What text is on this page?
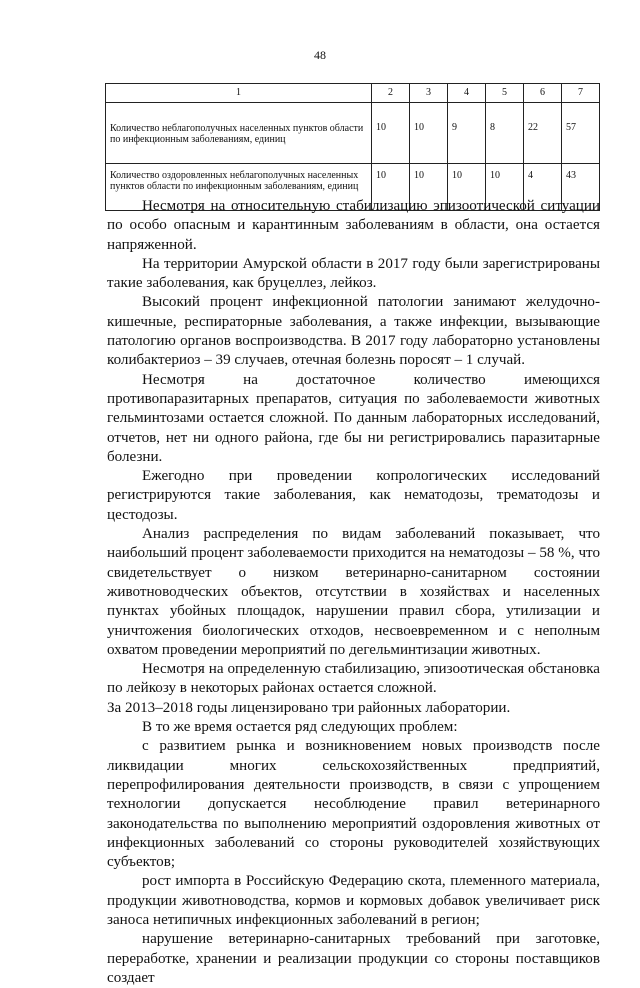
48
1	2	3	4	5	6	7
Количество неблагополучных населенных пунктов области по инфекционным заболеваниям, единиц	10	10	9	8	22	57
Количество оздоровленных неблагополучных населенных пунктов области по инфекционным заболеваниям, единиц	10	10	10	10	4	43

Несмотря на относительную стабилизацию эпизоотической ситуации по особо опасным и карантинным заболеваниям в области, она остается напряженной.

На территории Амурской области в 2017 году были зарегистрированы такие заболевания, как бруцеллез, лейкоз.

Высокий процент инфекционной патологии занимают желудочно-кишечные, респираторные заболевания, а также инфекции, вызывающие патологию органов воспроизводства. В 2017 году лабораторно установлены колибактериоз – 39 случаев, отечная болезнь поросят – 1 случай.

Несмотря на достаточное количество имеющихся противопаразитарных препаратов, ситуация по заболеваемости животных гельминтозами остается сложной. По данным лабораторных исследований, отчетов, нет ни одного района, где бы ни регистрировались паразитарные болезни.

Ежегодно при проведении копрологических исследований регистрируются такие заболевания, как нематодозы, трематодозы и цестодозы.

Анализ распределения по видам заболеваний показывает, что наибольший процент заболеваемости приходится на нематодозы – 58 %, что свидетельствует о низком ветеринарно-санитарном состоянии животноводческих объектов, отсутствии в хозяйствах и населенных пунктах убойных площадок, нарушении правил сбора, утилизации и уничтожения биологических отходов, несвоевременном и с неполным охватом проведении мероприятий по дегельминтизации животных.

Несмотря на определенную стабилизацию, эпизоотическая обстановка по лейкозу в некоторых районах остается сложной.

За 2013–2018 годы лицензировано три районных лаборатории.

В то же время остается ряд следующих проблем:

с развитием рынка и возникновением новых производств после ликвидации многих сельскохозяйственных предприятий, перепрофилирования деятельности производств, в связи с упрощением технологии допускается несоблюдение правил ветеринарного законодательства по выполнению мероприятий оздоровления животных от инфекционных заболеваний со стороны руководителей хозяйствующих субъектов;

рост импорта в Российскую Федерацию скота, племенного материала, продукции животноводства, кормов и кормовых добавок увеличивает риск заноса нетипичных инфекционных заболеваний в регион;

нарушение ветеринарно-санитарных требований при заготовке, переработке, хранении и реализации продукции со стороны поставщиков создает
